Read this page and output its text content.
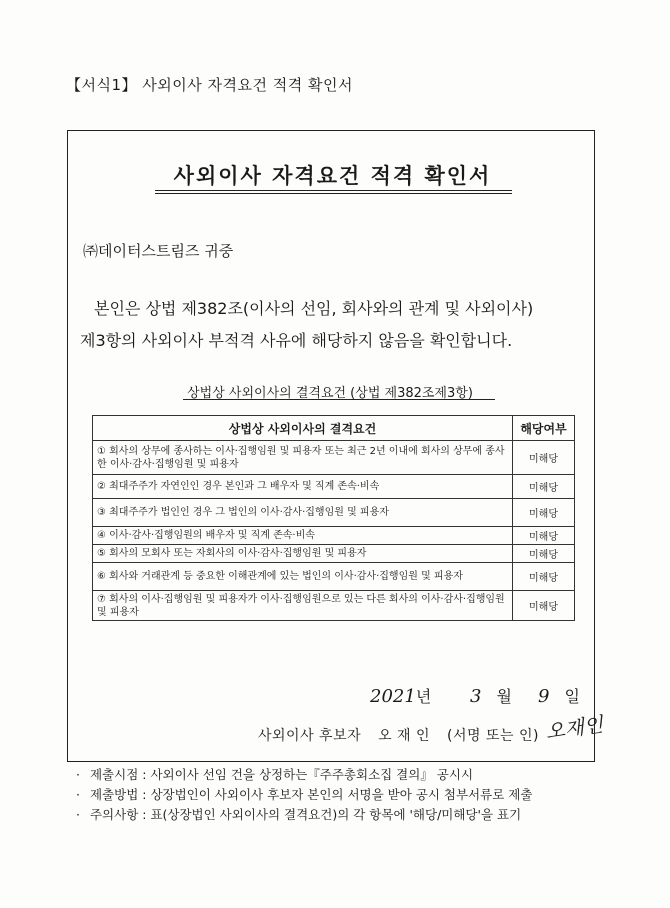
【서식1】 사외이사 자격요건 적격 확인서
사외이사 자격요건 적격 확인서
㈜데이터스트림즈 귀중
본인은 상법 제382조(이사의 선임, 회사와의 관계 및 사외이사)제3항의 사외이사 부적격 사유에 해당하지 않음을 확인합니다.
상법상 사외이사의 결격요건 (상법 제382조제3항)
상법상 사외이사의 결격요건	해당여부
① 회사의 상무에 종사하는 이사·집행임원 및 피용자 또는 최근 2년 이내에 회사의 상무에 종사한 이사·감사·집행임원 및 피용자	미해당
② 최대주주가 자연인인 경우 본인과 그 배우자 및 직계 존속·비속	미해당
③ 최대주주가 법인인 경우 그 법인의 이사·감사·집행임원 및 피용자	미해당
④ 이사·감사·집행임원의 배우자 및 직계 존속·비속	미해당
⑤ 회사의 모회사 또는 자회사의 이사·감사·집행임원 및 피용자	미해당
⑥ 회사와 거래관계 등 중요한 이해관계에 있는 법인의 이사·감사·집행임원 및 피용자	미해당
⑦ 회사의 이사·집행임원 및 피용자가 이사·집행임원으로 있는 다른 회사의 이사·감사·집행임원 및 피용자	미해당
2021년 3 월 9 일
사외이사 후보자 오 재 인 (서명 또는 인) 오재인
· 제출시점 : 사외이사 선임 건을 상정하는『주주총회소집 결의』 공시시
· 제출방법 : 상장법인이 사외이사 후보자 본인의 서명을 받아 공시 첨부서류로 제출
· 주의사항 : 표(상장법인 사외이사의 결격요건)의 각 항목에 '해당/미해당'을 표기
